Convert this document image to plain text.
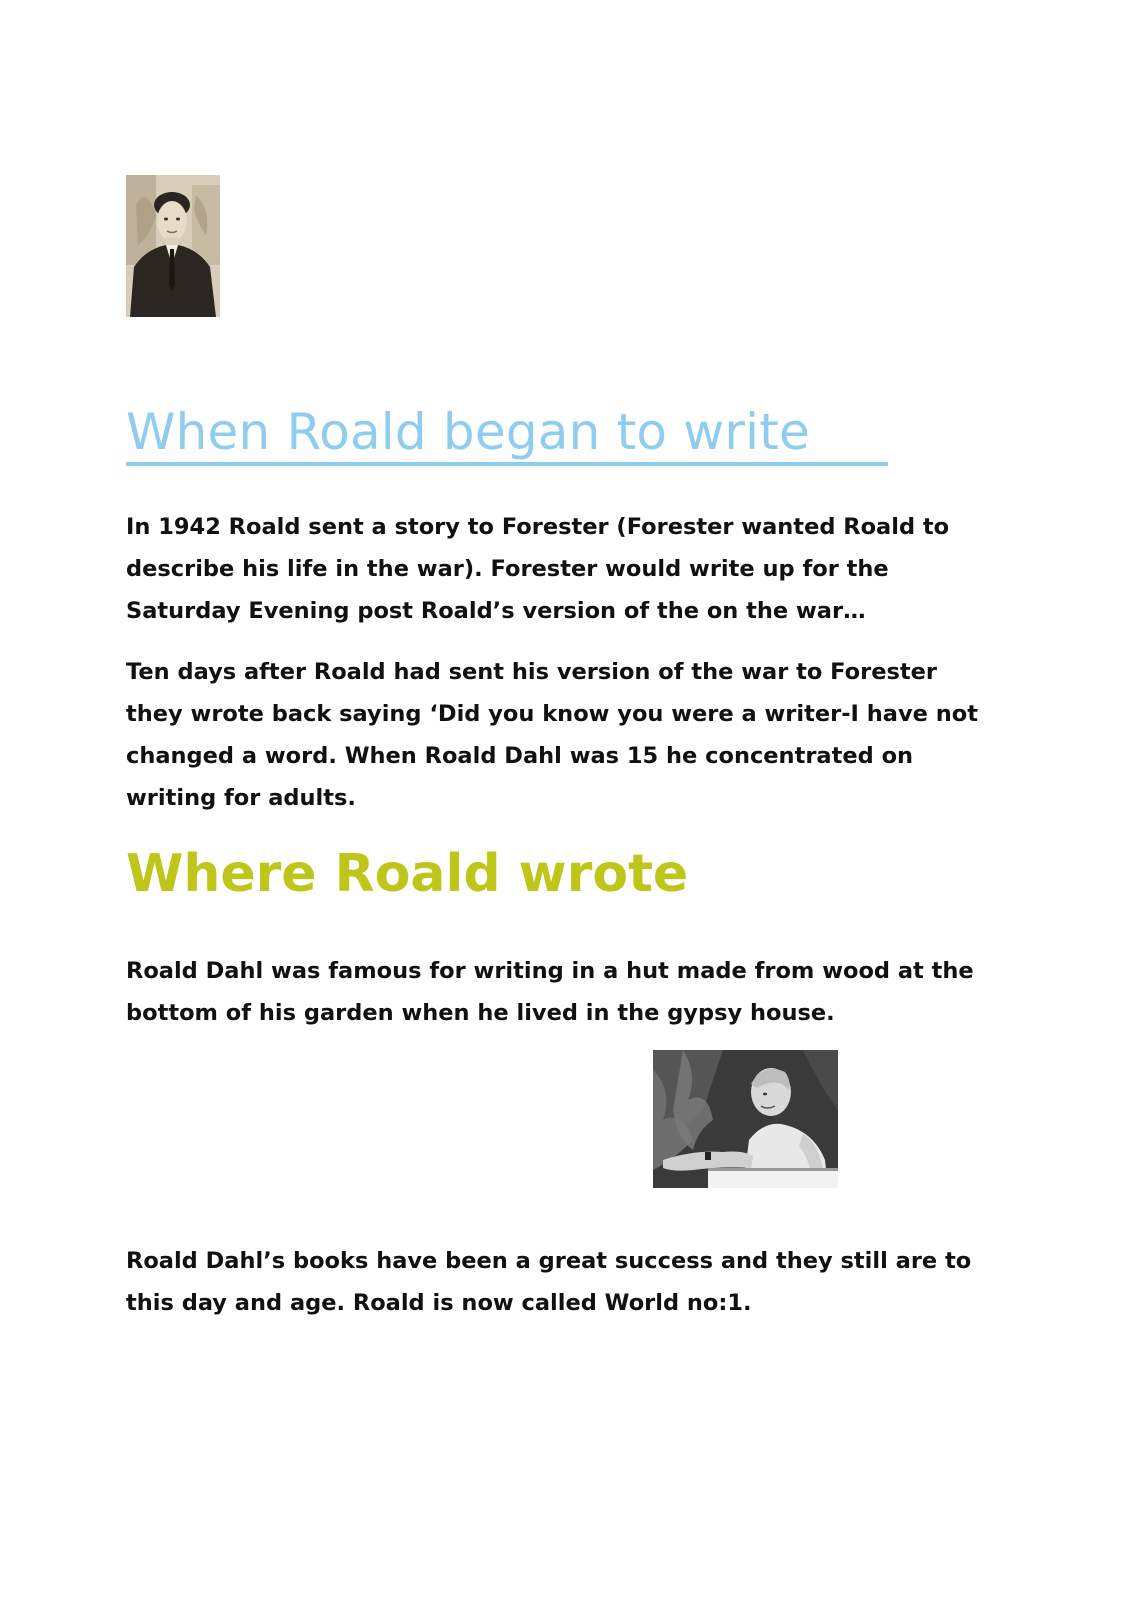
When Roald began to write

In 1942 Roald sent a story to Forester (Forester wanted Roald to
describe his life in the war). Forester would write up for the
Saturday Evening post Roald’s version of the on the war…

Ten days after Roald had sent his version of the war to Forester
they wrote back saying ‘Did you know you were a writer-I have not
changed a word. When Roald Dahl was 15 he concentrated on
writing for adults.

Where Roald wrote

Roald Dahl was famous for writing in a hut made from wood at the
bottom of his garden when he lived in the gypsy house.

Roald Dahl’s books have been a great success and they still are to
this day and age. Roald is now called World no:1.
